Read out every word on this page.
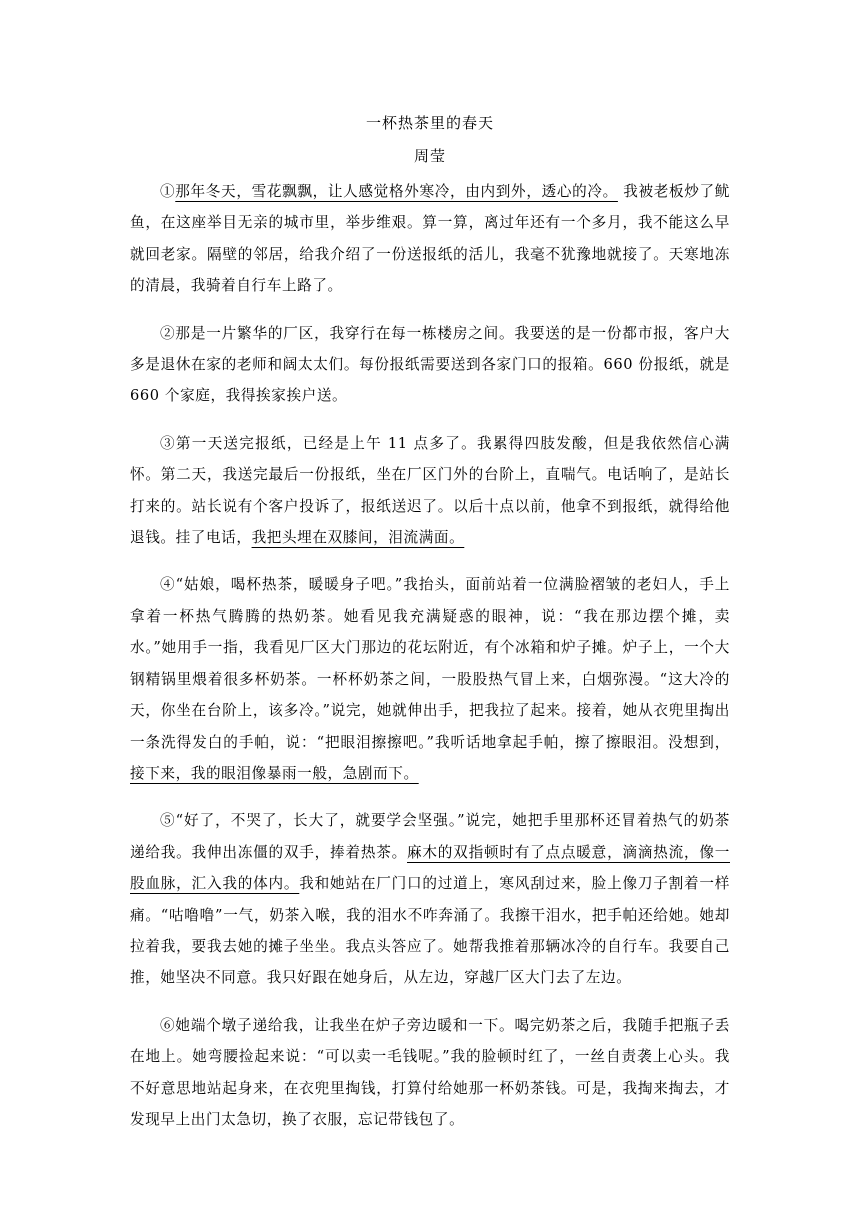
一杯热茶里的春天
周莹

①那年冬天，雪花飘飘，让人感觉格外寒冷，由内到外，透心的冷。 我被老板炒了鱿鱼，在这座举目无亲的城市里，举步维艰。算一算，离过年还有一个多月，我不能这么早就回老家。隔壁的邻居，给我介绍了一份送报纸的活儿，我毫不犹豫地就接了。天寒地冻的清晨，我骑着自行车上路了。

②那是一片繁华的厂区，我穿行在每一栋楼房之间。我要送的是一份都市报，客户大多是退休在家的老师和阔太太们。每份报纸需要送到各家门口的报箱。660 份报纸，就是 660 个家庭，我得挨家挨户送。

③第一天送完报纸，已经是上午 11 点多了。我累得四肢发酸，但是我依然信心满怀。第二天，我送完最后一份报纸，坐在厂区门外的台阶上，直喘气。电话响了，是站长打来的。站长说有个客户投诉了，报纸送迟了。以后十点以前，他拿不到报纸，就得给他退钱。挂了电话，我把头埋在双膝间，泪流满面。

④“姑娘，喝杯热茶，暖暖身子吧。”我抬头，面前站着一位满脸褶皱的老妇人，手上拿着一杯热气腾腾的热奶茶。她看见我充满疑惑的眼神，说：“我在那边摆个摊，卖水。”她用手一指，我看见厂区大门那边的花坛附近，有个冰箱和炉子摊。炉子上，一个大钢精锅里煨着很多杯奶茶。一杯杯奶茶之间，一股股热气冒上来，白烟弥漫。“这大冷的天，你坐在台阶上，该多冷。”说完，她就伸出手，把我拉了起来。接着，她从衣兜里掏出一条洗得发白的手帕，说：“把眼泪擦擦吧。”我听话地拿起手帕，擦了擦眼泪。没想到，接下来，我的眼泪像暴雨一般，急剧而下。

⑤“好了，不哭了，长大了，就要学会坚强。”说完，她把手里那杯还冒着热气的奶茶递给我。我伸出冻僵的双手，捧着热茶。麻木的双指顿时有了点点暖意，滴滴热流，像一股血脉，汇入我的体内。我和她站在厂门口的过道上，寒风刮过来，脸上像刀子割着一样痛。“咕噜噜”一气，奶茶入喉，我的泪水不咋奔涌了。我擦干泪水，把手帕还给她。她却拉着我，要我去她的摊子坐坐。我点头答应了。她帮我推着那辆冰冷的自行车。我要自己推，她坚决不同意。我只好跟在她身后，从左边，穿越厂区大门去了左边。

⑥她端个墩子递给我，让我坐在炉子旁边暖和一下。喝完奶茶之后，我随手把瓶子丢在地上。她弯腰捡起来说：“可以卖一毛钱呢。”我的脸顿时红了，一丝自责袭上心头。我不好意思地站起身来，在衣兜里掏钱，打算付给她那一杯奶茶钱。可是，我掏来掏去，才发现早上出门太急切，换了衣服，忘记带钱包了。
